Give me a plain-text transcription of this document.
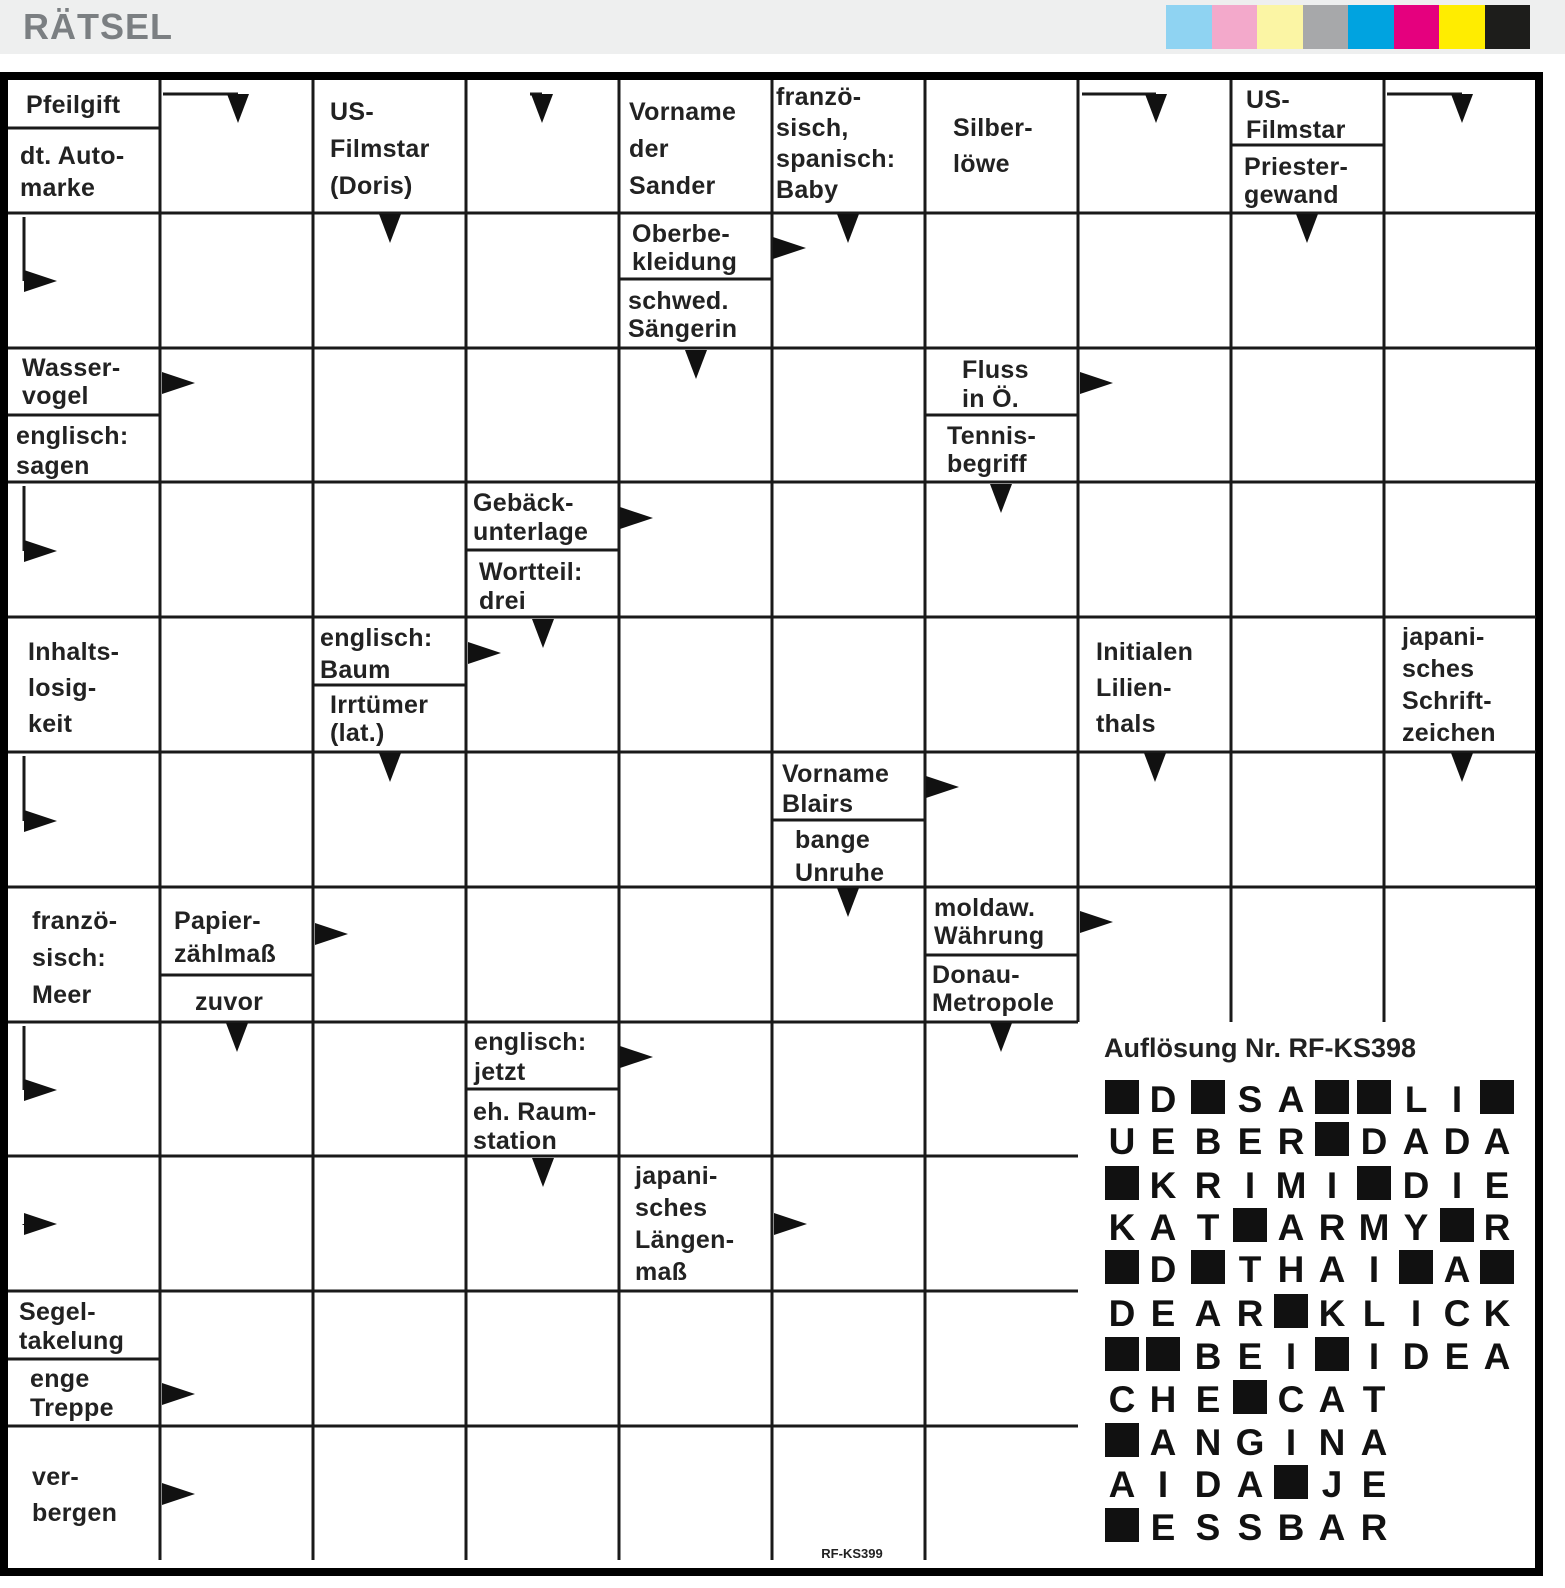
RÄTSEL
Pfeilgift
dt. Auto-marke
US-Filmstar (Doris)
Vorname der Sander
franzö-sisch, spanisch: Baby
Silber-löwe
US-Filmstar
Priester-gewand
Oberbe-kleidung
schwed. Sängerin
Wasser-vogel
englisch: sagen
Fluss in Ö.
Tennis-begriff
Gebäck-unterlage
Wortteil: drei
Inhalts-losig-keit
englisch: Baum
Irrtümer (lat.)
Initialen Lilien-thals
japani-sches Schrift-zeichen
Vorname Blairs
bange Unruhe
franzö-sisch: Meer
Papier-zählmaß
zuvor
moldaw. Währung
Donau-Metropole
englisch: jetzt
eh. Raum-station
japani-sches Längen-maß
Segel-takelung
enge Treppe
ver-bergen
Auflösung Nr. RF-KS398
D S A	L I
U E B E R D A D A
K R I M I D I E
K A T A R M Y R
D T H A I A
D E A R K L I C K
B E I I D E A
C H E C A T
A N G I N A
A I D A J E
E S S B A R
RF-KS399
